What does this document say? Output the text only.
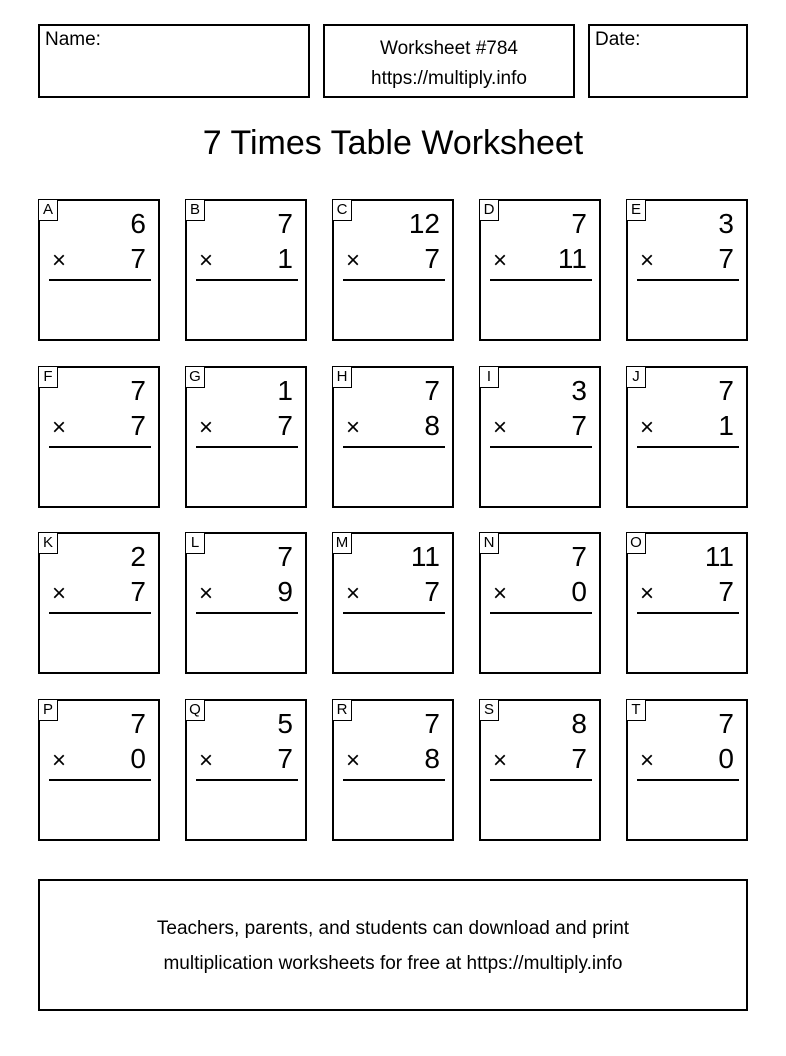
Name:	Worksheet #784
https://multiply.info
Date:
7 Times Table Worksheet
A	6
× 7
B	7
× 1
C 12
× 7
D	7
× 11
E	3
× 7
F	7
× 7
G	1
× 7
H	7
× 8
I	3
× 7
J	7
× 1
K	2
× 7
L	7
× 9
M 11
× 7
N	7
× 0
O 11
× 7
P	7
× 0
Q	5
× 7
R	7
× 8
S	8
× 7
T	7
× 0
Teachers, parents, and students can download and print
multiplication worksheets for free at https://multiply.info
